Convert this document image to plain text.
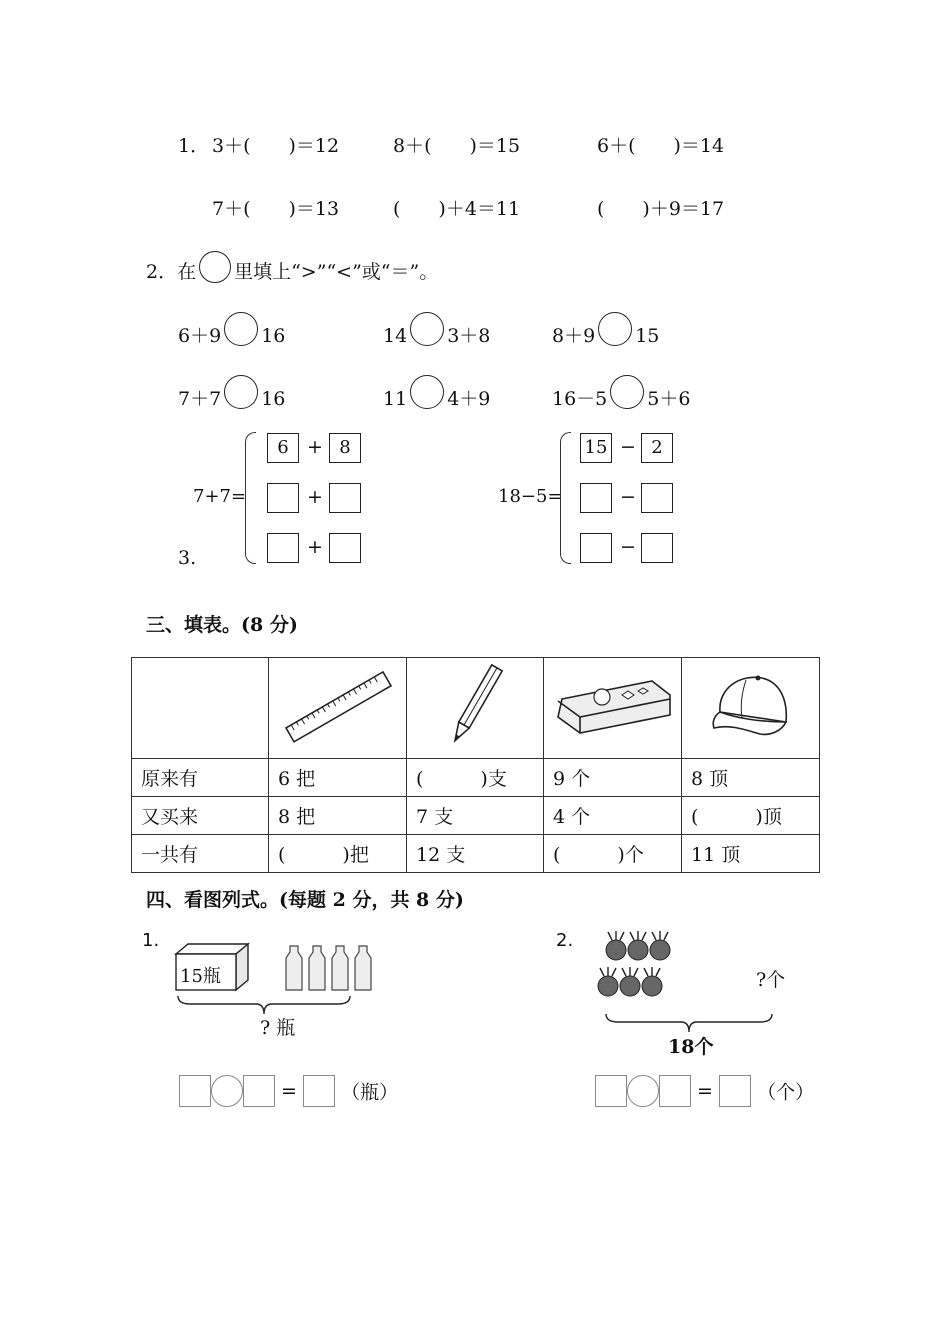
1． 3＋(　　)＝12	8＋(　　)＝15	6＋(　　)＝14
7＋(　　)＝13	(　　)＋4＝11	(　　)＋9＝17
2．在 里填上“>”“<”或“＝”。
6＋9 16	14 3＋8	8＋9 15
7＋7 16	11 4＋9	16－5 5＋6
3.
7+7=
6 + 8
+
+
18−5=
15 − 2
−
−
三、填表。(8 分)

原来有	6 把	(　　　)支	9 个	8 顶
又买来	8 把	7 支	4 个	(　　　)顶
一共有	(　　　)把	12 支	(　　　)个	11 顶
四、看图列式。(每题 2 分，共 8 分)
1.
15瓶
? 瓶
= （瓶）
2.
?个
18个
= （个）
